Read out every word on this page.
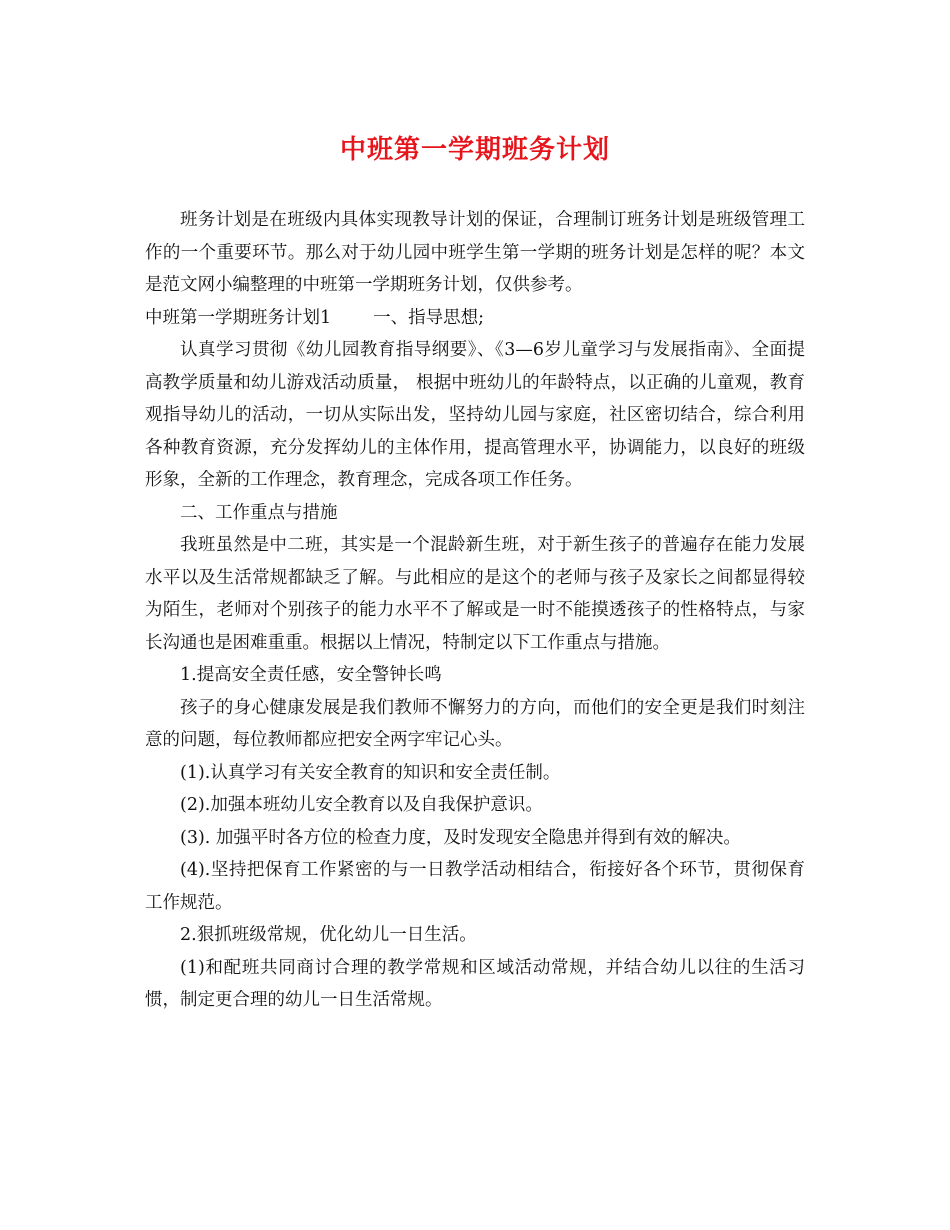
中班第一学期班务计划

班务计划是在班级内具体实现教导计划的保证，合理制订班务计划是班级管理工作的一个重要环节。那么对于幼儿园中班学生第一学期的班务计划是怎样的呢？本文是范文网小编整理的中班第一学期班务计划，仅供参考。

中班第一学期班务计划1 一、指导思想;

认真学习贯彻《幼儿园教育指导纲要》、《3—6岁儿童学习与发展指南》、全面提高教学质量和幼儿游戏活动质量， 根据中班幼儿的年龄特点，以正确的儿童观，教育观指导幼儿的活动，一切从实际出发，坚持幼儿园与家庭，社区密切结合，综合利用各种教育资源，充分发挥幼儿的主体作用，提高管理水平，协调能力，以良好的班级形象，全新的工作理念，教育理念，完成各项工作任务。

二、工作重点与措施

我班虽然是中二班，其实是一个混龄新生班，对于新生孩子的普遍存在能力发展水平以及生活常规都缺乏了解。与此相应的是这个的老师与孩子及家长之间都显得较为陌生，老师对个别孩子的能力水平不了解或是一时不能摸透孩子的性格特点，与家长沟通也是困难重重。根据以上情况，特制定以下工作重点与措施。

1.提高安全责任感，安全警钟长鸣

孩子的身心健康发展是我们教师不懈努力的方向，而他们的安全更是我们时刻注意的问题，每位教师都应把安全两字牢记心头。

(1).认真学习有关安全教育的知识和安全责任制。

(2).加强本班幼儿安全教育以及自我保护意识。

(3). 加强平时各方位的检查力度，及时发现安全隐患并得到有效的解决。

(4).坚持把保育工作紧密的与一日教学活动相结合，衔接好各个环节，贯彻保育工作规范。

2.狠抓班级常规，优化幼儿一日生活。

(1)和配班共同商讨合理的教学常规和区域活动常规，并结合幼儿以往的生活习惯，制定更合理的幼儿一日生活常规。
